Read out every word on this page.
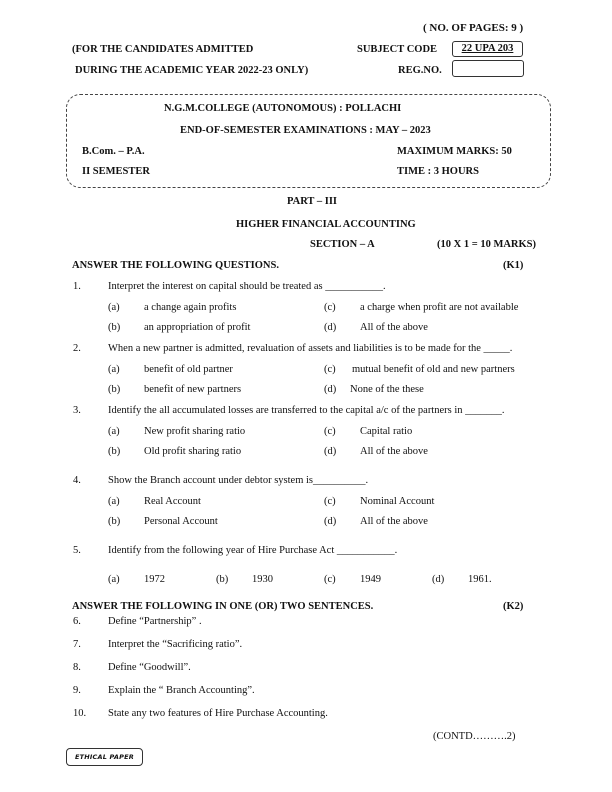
( NO. OF PAGES: 9 )
(FOR THE CANDIDATES ADMITTED
DURING THE ACADEMIC YEAR 2022-23 ONLY)
SUBJECT CODE	22 UPA 203
REG.NO.
N.G.M.COLLEGE (AUTONOMOUS) : POLLACHI
END-OF-SEMESTER EXAMINATIONS : MAY – 2023
B.Com. – P.A.	MAXIMUM MARKS: 50
II SEMESTER	TIME : 3 HOURS
PART – III
HIGHER FINANCIAL ACCOUNTING
SECTION – A	(10 X 1 = 10 MARKS)
ANSWER THE FOLLOWING QUESTIONS.	(K1)
1.	Interpret the interest on capital should be treated as ___________.
(a) a change again profits	(c) a charge when profit are not available
(b) an appropriation of profit	(d) All of the above
2.	When a new partner is admitted, revaluation of assets and liabilities is to be made for the _____.
(a) benefit of old partner	(c) mutual benefit of old and new partners
(b) benefit of new partners	(d) None of the these
3.	Identify the all accumulated losses are transferred to the capital a/c of the partners in _______.
(a) New profit sharing ratio	(c) Capital ratio
(b) Old profit sharing ratio	(d) All of the above
4.	Show the Branch account under debtor system is__________.
(a) Real Account	(c) Nominal Account
(b) Personal Account	(d) All of the above
5.	Identify from the following year of Hire Purchase Act ___________.
(a) 1972	(b) 1930	(c) 1949	(d) 1961.
ANSWER THE FOLLOWING IN ONE (OR) TWO SENTENCES.	(K2)
6.	Define “Partnership” .
7.	Interpret the “Sacrificing ratio”.
8.	Define “Goodwill”.
9.	Explain the “ Branch Accounting”.
10. State any two features of Hire Purchase Accounting.
(CONTD……….2)
ETHICAL PAPER
